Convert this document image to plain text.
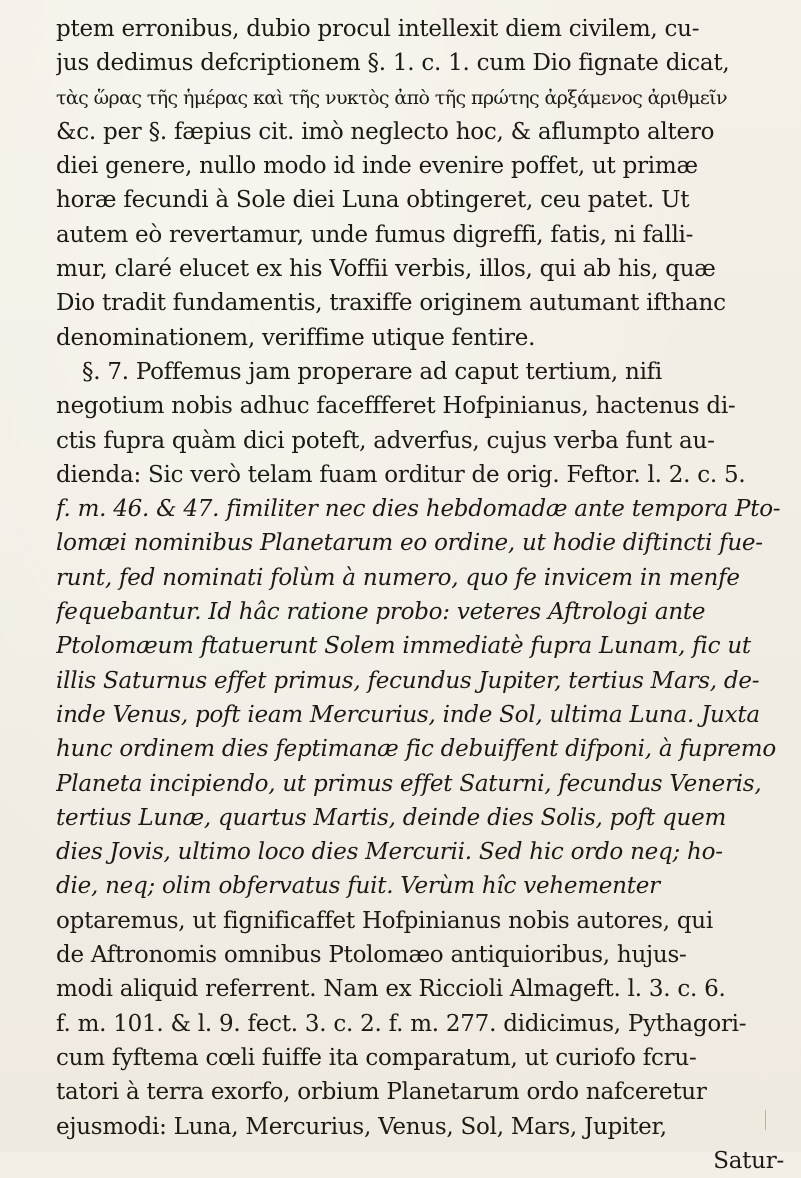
ptem erronibus, dubio procul intellexit diem civilem, cu-
jus dedimus defcriptionem §. 1. c. 1. cum Dio fignate dicat,
τὰς ὥρας τῆς ἡμέρας καὶ τῆς νυκτὸς ἀπὸ τῆς πρώτης ἀρξάμενος ἀριθμεῖν
&c. per §. fæpius cit. imò neglecto hoc, & aflumpto altero
diei genere, nullo modo id inde evenire poffet, ut primæ
horæ fecundi à Sole diei Luna obtingeret, ceu patet. Ut
autem eò revertamur, unde fumus digreffi, fatis, ni falli-
mur, claré elucet ex his Voffii verbis, illos, qui ab his, quæ
Dio tradit fundamentis, traxiffe originem autumant ifthanc
denominationem, veriffime utique fentire.
§. 7. Poffemus jam properare ad caput tertium, nifi
negotium nobis adhuc faceffferet Hofpinianus, hactenus di-
ctis fupra quàm dici poteft, adverfus, cujus verba funt au-
dienda: Sic verò telam fuam orditur de orig. Feftor. l. 2. c. 5.
f. m. 46. & 47. fimiliter nec dies hebdomadæ ante tempora Pto-
lomæi nominibus Planetarum eo ordine, ut hodie diftincti fue-
runt, fed nominati folùm à numero, quo fe invicem in menfe
fequebantur. Id hâc ratione probo: veteres Aftrologi ante
Ptolomæum ftatuerunt Solem immediatè fupra Lunam, fic ut
illis Saturnus effet primus, fecundus Jupiter, tertius Mars, de-
inde Venus, poft ieam Mercurius, inde Sol, ultima Luna. Juxta
hunc ordinem dies feptimanæ fic debuiffent difponi, à fupremo
Planeta incipiendo, ut primus effet Saturni, fecundus Veneris,
tertius Lunæ, quartus Martis, deinde dies Solis, poft quem
dies Jovis, ultimo loco dies Mercurii. Sed hic ordo neq; ho-
die, neq; olim obfervatus fuit. Verùm hîc vehementer
optaremus, ut fignificaffet Hofpinianus nobis autores, qui
de Aftronomis omnibus Ptolomæo antiquioribus, hujus-
modi aliquid referrent. Nam ex Riccioli Almageft. l. 3. c. 6.
f. m. 101. & l. 9. fect. 3. c. 2. f. m. 277. didicimus, Pythagori-
cum fyftema cœli fuiffe ita comparatum, ut curiofo fcru-
tatori à terra exorfo, orbium Planetarum ordo nafceretur
ejusmodi: Luna, Mercurius, Venus, Sol, Mars, Jupiter,
Satur-
